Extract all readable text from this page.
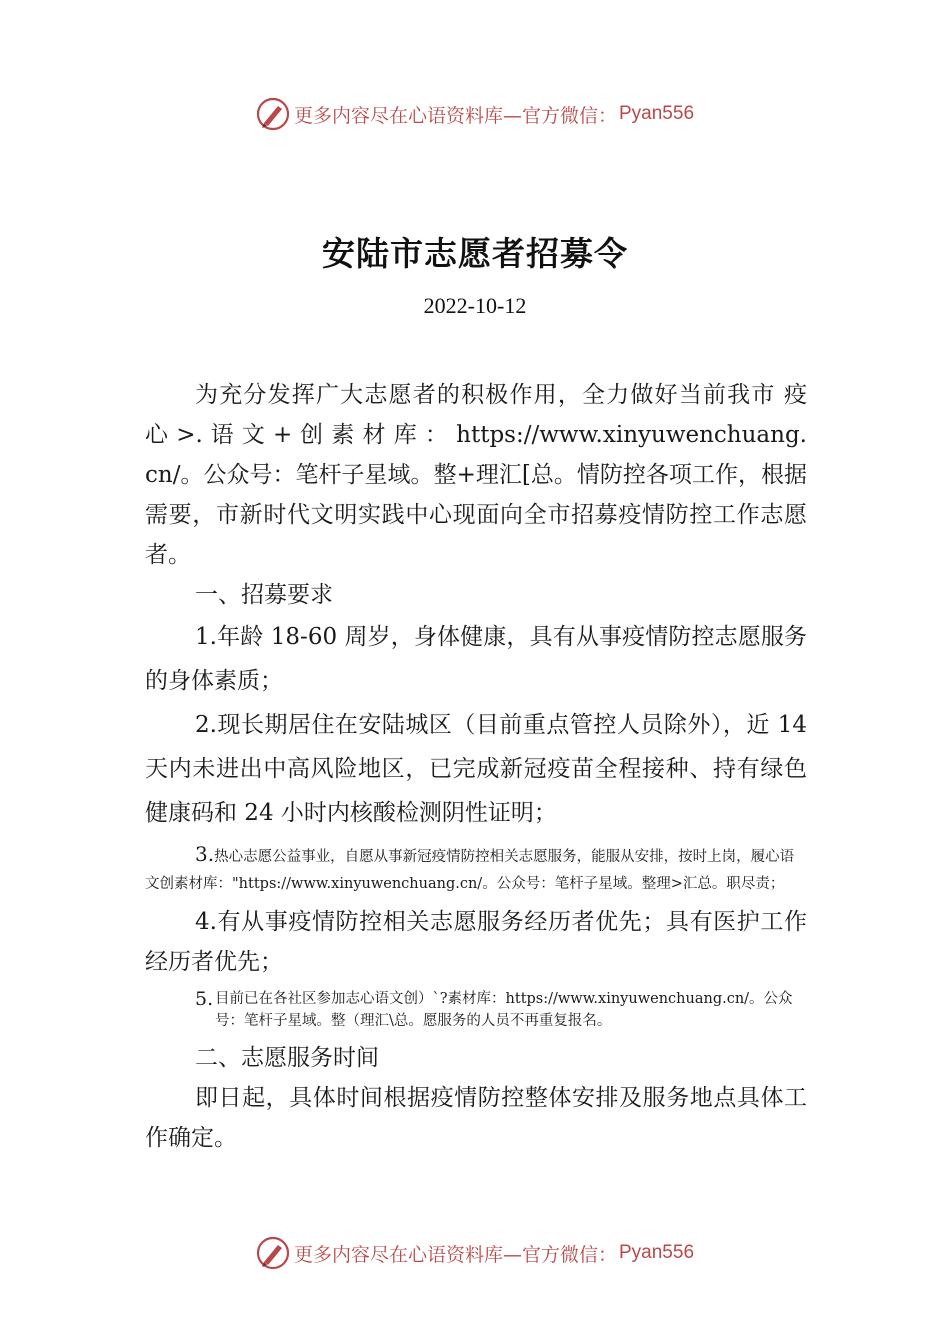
更多内容尽在心语资料库—官方微信： Pyan556
安陆市志愿者招募令
2022-10-12

为充分发挥广大志愿者的积极作用，全力做好当前我市 疫 心 >. 语 文 + 创 素 材 库 ： https://www.xinyuwenchuang.cn/。公众号：笔杆子星域。整+理汇[总。情防控各项工作，根据需要，市新时代文明实践中心现面向全市招募疫情防控工作志愿者。

一、招募要求

1.年龄 18-60 周岁，身体健康，具有从事疫情防控志愿服务的身体素质；

2.现长期居住在安陆城区（目前重点管控人员除外），近 14 天内未进出中高风险地区，已完成新冠疫苗全程接种、持有绿色健康码和 24 小时内核酸检测阴性证明；

3.热心志愿公益事业，自愿从事新冠疫情防控相关志愿服务，能服从安排，按时上岗，履心语文创素材库："https://www.xinyuwenchuang.cn/。公众号：笔杆子星域。整理>汇总。职尽责；

4.有从事疫情防控相关志愿服务经历者优先；具有医护工作经历者优先；

5. 目前已在各社区参加志心语文创）`?素材库：https://www.xinyuwenchuang.cn/。公众号：笔杆子星域。整（理汇\总。愿服务的人员不再重复报名。

二、志愿服务时间

即日起，具体时间根据疫情防控整体安排及服务地点具体工作确定。

更多内容尽在心语资料库—官方微信： Pyan556
